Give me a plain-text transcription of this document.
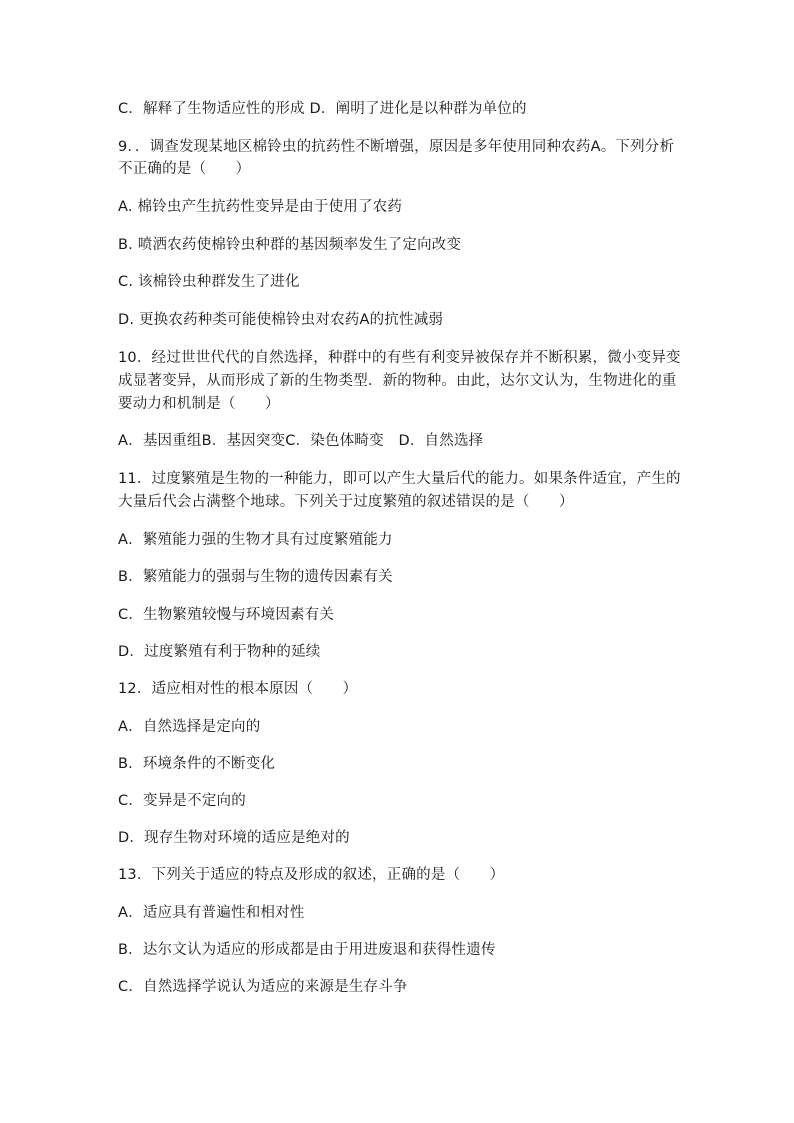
C．解释了生物适应性的形成 D．阐明了进化是以种群为单位的
9．．调查发现某地区棉铃虫的抗药性不断增强，原因是多年使用同种农药A。下列分析
不正确的是（　　）
A. 棉铃虫产生抗药性变异是由于使用了农药
B. 喷洒农药使棉铃虫种群的基因频率发生了定向改变
C. 该棉铃虫种群发生了进化
D. 更换农药种类可能使棉铃虫对农药A的抗性减弱
10．经过世世代代的自然选择，种群中的有些有利变异被保存并不断积累，微小变异变
成显著变异，从而形成了新的生物类型．新的物种。由此，达尔文认为，生物进化的重
要动力和机制是（　　）
A．基因重组B．基因突变C．染色体畸变　D．自然选择
11．过度繁殖是生物的一种能力，即可以产生大量后代的能力。如果条件适宜，产生的
大量后代会占满整个地球。下列关于过度繁殖的叙述错误的是（　　）
A．繁殖能力强的生物才具有过度繁殖能力
B．繁殖能力的强弱与生物的遗传因素有关
C．生物繁殖较慢与环境因素有关
D．过度繁殖有利于物种的延续
12．适应相对性的根本原因（　　）
A．自然选择是定向的
B．环境条件的不断变化
C．变异是不定向的
D．现存生物对环境的适应是绝对的
13．下列关于适应的特点及形成的叙述，正确的是（　　）
A．适应具有普遍性和相对性
B．达尔文认为适应的形成都是由于用进废退和获得性遗传
C．自然选择学说认为适应的来源是生存斗争
